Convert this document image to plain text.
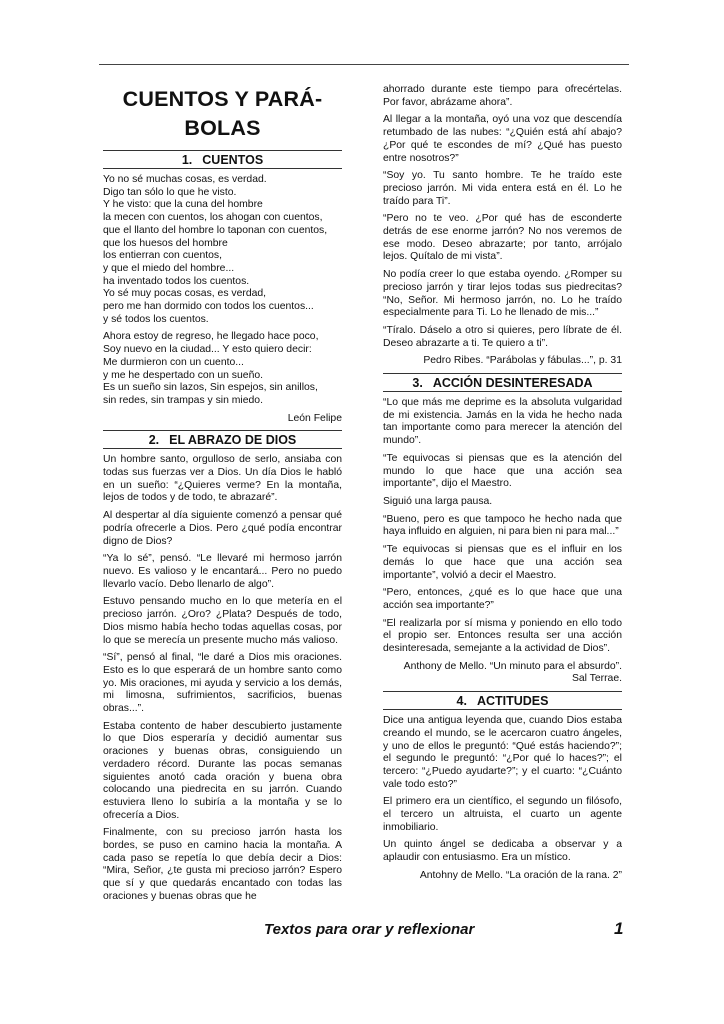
CUENTOS Y PARÁ-
BOLAS
1. CUENTOS
Yo no sé muchas cosas, es verdad.
Digo tan sólo lo que he visto.
Y he visto: que la cuna del hombre
la mecen con cuentos, los ahogan con cuentos,
que el llanto del hombre lo taponan con cuentos,
que los huesos del hombre
los entierran con cuentos,
y que el miedo del hombre...
ha inventado todos los cuentos.
Yo sé muy pocas cosas, es verdad,
pero me han dormido con todos los cuentos...
y sé todos los cuentos.
Ahora estoy de regreso, he llegado hace poco,
Soy nuevo en la ciudad... Y esto quiero decir:
Me durmieron con un cuento...
y me he despertado con un sueño.
Es un sueño sin lazos, Sin espejos, sin anillos,
sin redes, sin trampas y sin miedo.

León Felipe

2. EL ABRAZO DE DIOS

Un hombre santo, orgulloso de serlo, ansiaba con todas sus fuerzas ver a Dios. Un día Dios le habló en un sueño: “¿Quieres verme? En la montaña, lejos de todos y de todo, te abrazaré”.

Al despertar al día siguiente comenzó a pensar qué podría ofrecerle a Dios. Pero ¿qué podía encontrar digno de Dios?

“Ya lo sé”, pensó. “Le llevaré mi hermoso jarrón nuevo. Es valioso y le encantará... Pero no puedo llevarlo vacío. Debo llenarlo de algo”.

Estuvo pensando mucho en lo que metería en el precioso jarrón. ¿Oro? ¿Plata? Después de todo, Dios mismo había hecho todas aquellas cosas, por lo que se merecía un presente mucho más valioso.

“Sí”, pensó al final, “le daré a Dios mis oraciones. Esto es lo que esperará de un hombre santo como yo. Mis oraciones, mi ayuda y servicio a los demás, mi limosna, sufrimientos, sacrificios, buenas obras...”.

Estaba contento de haber descubierto justamente lo que Dios esperaría y decidió aumentar sus oraciones y buenas obras, consiguiendo un verdadero récord. Durante las pocas semanas siguientes anotó cada oración y buena obra colocando una piedrecita en su jarrón. Cuando estuviera lleno lo subiría a la montaña y se lo ofrecería a Dios.

Finalmente, con su precioso jarrón hasta los bordes, se puso en camino hacia la montaña. A cada paso se repetía lo que debía decir a Dios: “Mira, Señor, ¿te gusta mi precioso jarrón? Espero que sí y que quedarás encantado con todas las oraciones y buenas obras que he

ahorrado durante este tiempo para ofrecértelas. Por favor, abrázame ahora”.

Al llegar a la montaña, oyó una voz que descendía retumbado de las nubes: “¿Quién está ahí abajo? ¿Por qué te escondes de mí? ¿Qué has puesto entre nosotros?”

“Soy yo. Tu santo hombre. Te he traído este precioso jarrón. Mi vida entera está en él. Lo he traído para Ti”.

“Pero no te veo. ¿Por qué has de esconderte detrás de ese enorme jarrón? No nos veremos de ese modo. Deseo abrazarte; por tanto, arrójalo lejos. Quítalo de mi vista”.

No podía creer lo que estaba oyendo. ¿Romper su precioso jarrón y tirar lejos todas sus piedrecitas? “No, Señor. Mi hermoso jarrón, no. Lo he traído especialmente para Ti. Lo he llenado de mis...”

“Tíralo. Dáselo a otro si quieres, pero líbrate de él. Deseo abrazarte a ti. Te quiero a ti”.

Pedro Ribes. “Parábolas y fábulas...”, p. 31

3. ACCIÓN DESINTERESADA

“Lo que más me deprime es la absoluta vulgaridad de mi existencia. Jamás en la vida he hecho nada tan importante como para merecer la atención del mundo”.

“Te equivocas si piensas que es la atención del mundo lo que hace que una acción sea importante”, dijo el Maestro.

Siguió una larga pausa.

“Bueno, pero es que tampoco he hecho nada que haya influido en alguien, ni para bien ni para mal...”

“Te equivocas si piensas que es el influir en los demás lo que hace que una acción sea importante”, volvió a decir el Maestro.

“Pero, entonces, ¿qué es lo que hace que una acción sea importante?”

“El realizarla por sí misma y poniendo en ello todo el propio ser. Entonces resulta ser una acción desinteresada, semejante a la actividad de Dios”.

Anthony de Mello. “Un minuto para el absurdo”.

Sal Terrae.

4. ACTITUDES

Dice una antigua leyenda que, cuando Dios estaba creando el mundo, se le acercaron cuatro ángeles, y uno de ellos le preguntó: “Qué estás haciendo?”; el segundo le preguntó: “¿Por qué lo haces?”; el tercero: “¿Puedo ayudarte?”; y el cuarto: “¿Cuánto vale todo esto?”

El primero era un científico, el segundo un filósofo, el tercero un altruista, el cuarto un agente inmobiliario.

Un quinto ángel se dedicaba a observar y a aplaudir con entusiasmo. Era un místico.

Antohny de Mello. “La oración de la rana. 2”

Textos para orar y reflexionar	1
